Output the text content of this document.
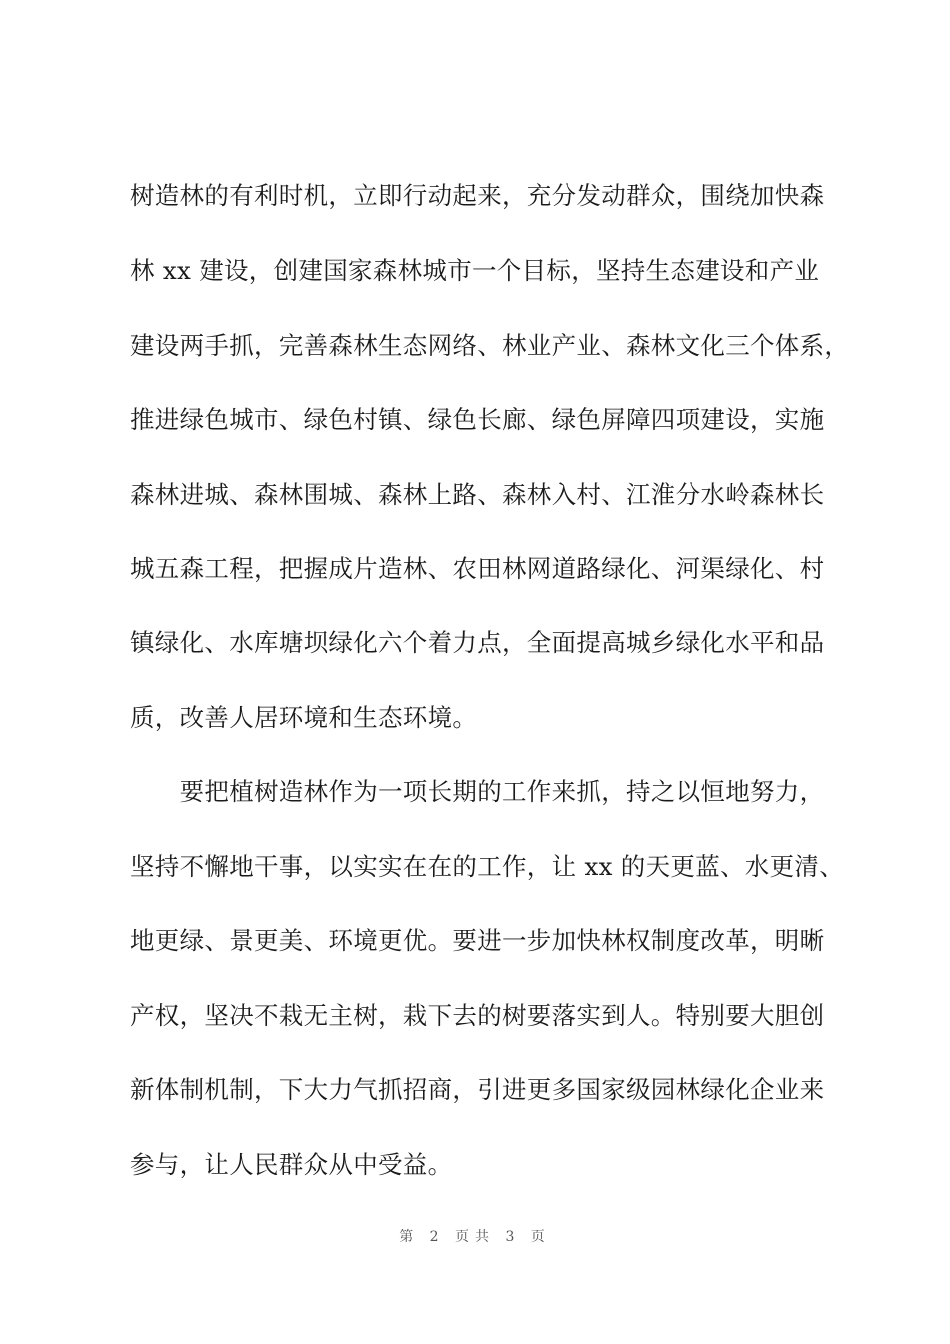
树造林的有利时机，立即行动起来，充分发动群众，围绕加快森
林 xx 建设，创建国家森林城市一个目标，坚持生态建设和产业
建设两手抓，完善森林生态网络、林业产业、森林文化三个体系，
推进绿色城市、绿色村镇、绿色长廊、绿色屏障四项建设，实施
森林进城、森林围城、森林上路、森林入村、江淮分水岭森林长
城五森工程，把握成片造林、农田林网道路绿化、河渠绿化、村
镇绿化、水库塘坝绿化六个着力点，全面提高城乡绿化水平和品
质，改善人居环境和生态环境。
　　要把植树造林作为一项长期的工作来抓，持之以恒地努力，
坚持不懈地干事，以实实在在的工作，让 xx 的天更蓝、水更清、
地更绿、景更美、环境更优。要进一步加快林权制度改革，明晰
产权，坚决不栽无主树，栽下去的树要落实到人。特别要大胆创
新体制机制，下大力气抓招商，引进更多国家级园林绿化企业来
参与，让人民群众从中受益。
第 2 页共 3 页
